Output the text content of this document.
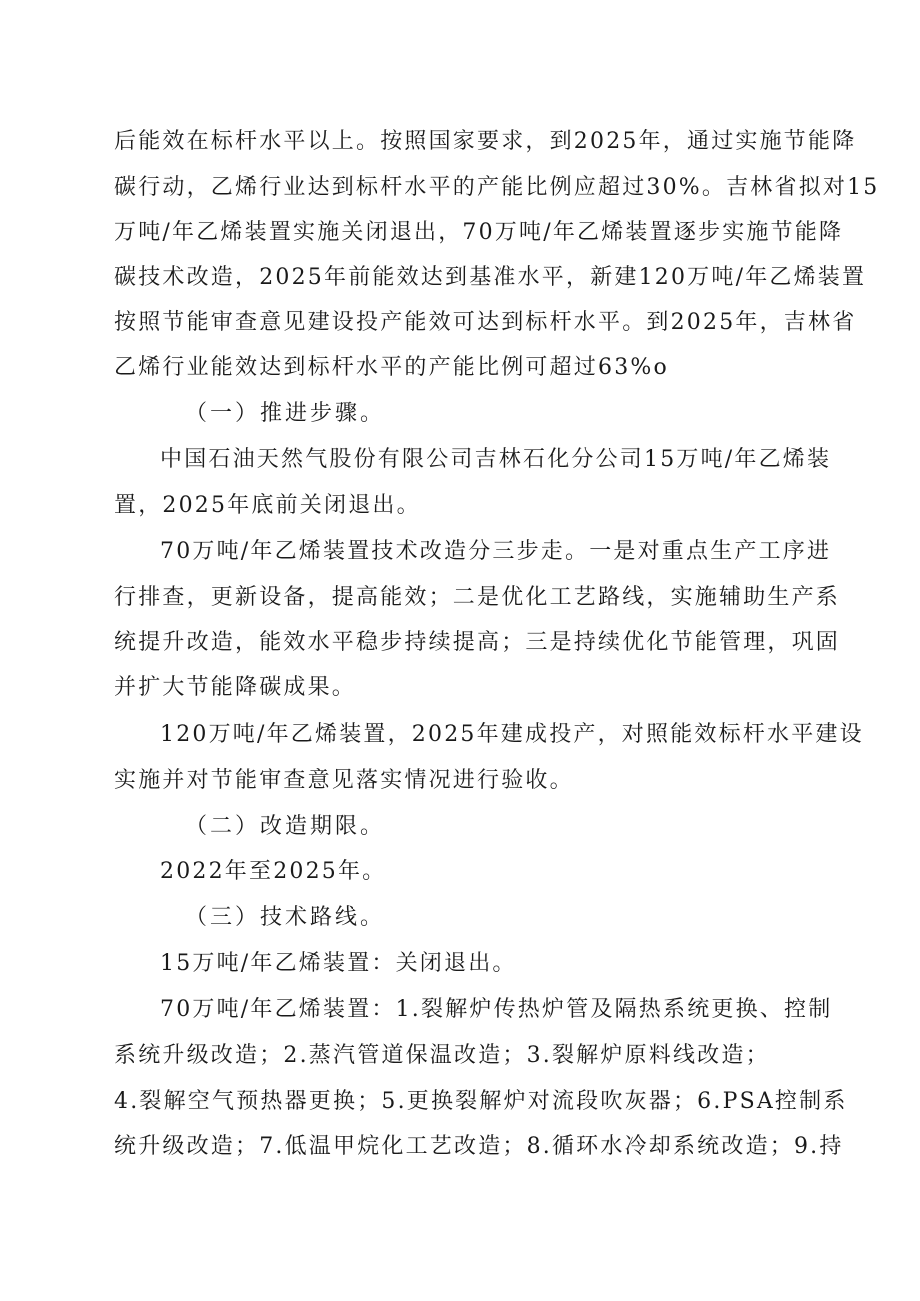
后能效在标杆水平以上。按照国家要求，到2025年，通过实施节能降
碳行动，乙烯行业达到标杆水平的产能比例应超过30%。吉林省拟对15
万吨/年乙烯装置实施关闭退出，70万吨/年乙烯装置逐步实施节能降
碳技术改造，2025年前能效达到基准水平，新建120万吨/年乙烯装置
按照节能审查意见建设投产能效可达到标杆水平。到2025年，吉林省
乙烯行业能效达到标杆水平的产能比例可超过63%o
（一）推进步骤。
中国石油天然气股份有限公司吉林石化分公司15万吨/年乙烯装
置，2025年底前关闭退出。
70万吨/年乙烯装置技术改造分三步走。一是对重点生产工序进
行排查，更新设备，提高能效；二是优化工艺路线，实施辅助生产系
统提升改造，能效水平稳步持续提高；三是持续优化节能管理，巩固
并扩大节能降碳成果。
120万吨/年乙烯装置，2025年建成投产，对照能效标杆水平建设
实施并对节能审查意见落实情况进行验收。
（二）改造期限。
2022年至2025年。
（三）技术路线。
15万吨/年乙烯装置：关闭退出。
70万吨/年乙烯装置：1.裂解炉传热炉管及隔热系统更换、控制
系统升级改造；2.蒸汽管道保温改造；3.裂解炉原料线改造；
4.裂解空气预热器更换；5.更换裂解炉对流段吹灰器；6.PSA控制系
统升级改造；7.低温甲烷化工艺改造；8.循环水冷却系统改造；9.持
